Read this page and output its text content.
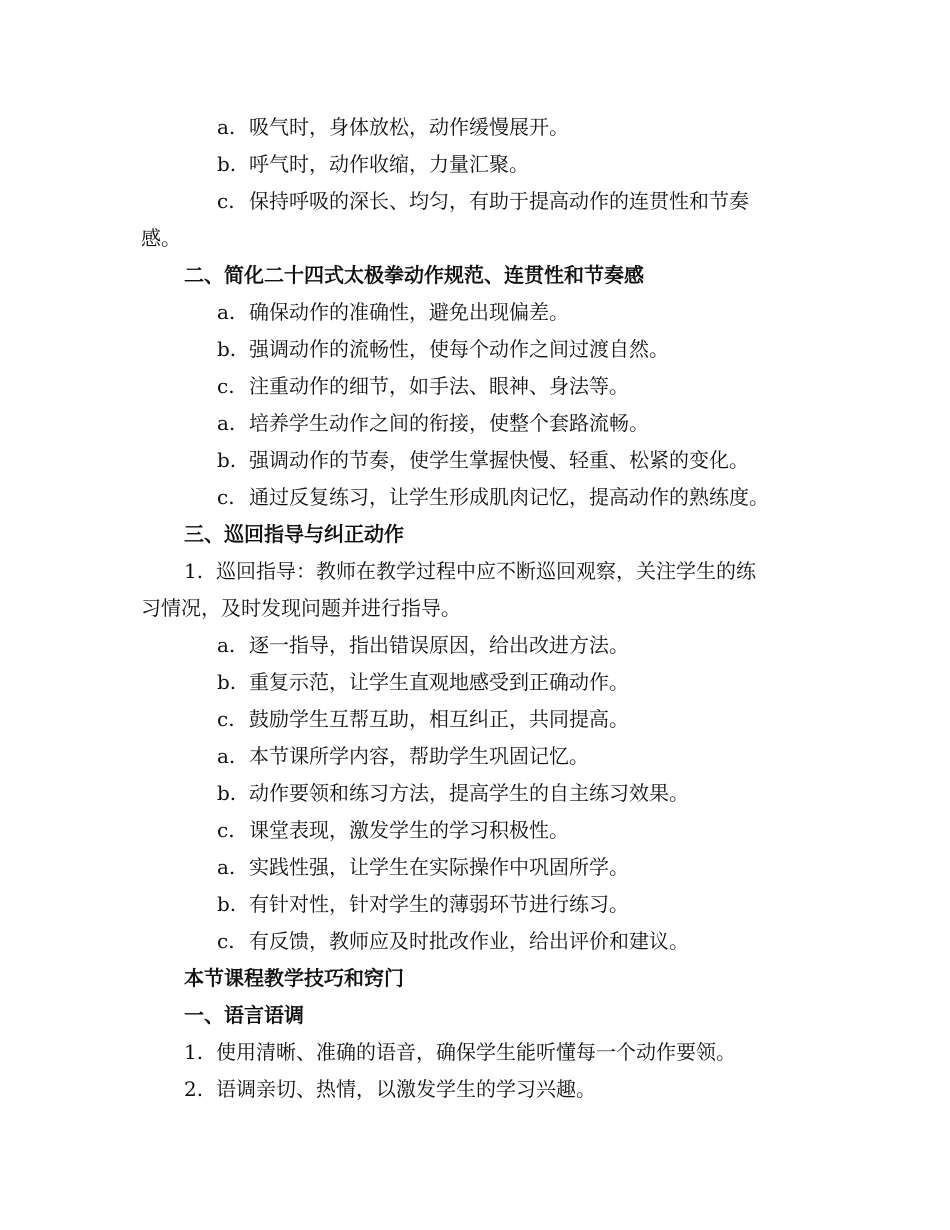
a. 吸气时，身体放松，动作缓慢展开。
b. 呼气时，动作收缩，力量汇聚。
c. 保持呼吸的深长、均匀，有助于提高动作的连贯性和节奏
感。
二、简化二十四式太极拳动作规范、连贯性和节奏感
a. 确保动作的准确性，避免出现偏差。
b. 强调动作的流畅性，使每个动作之间过渡自然。
c. 注重动作的细节，如手法、眼神、身法等。
a. 培养学生动作之间的衔接，使整个套路流畅。
b. 强调动作的节奏，使学生掌握快慢、轻重、松紧的变化。
c. 通过反复练习，让学生形成肌肉记忆，提高动作的熟练度。
三、巡回指导与纠正动作
1. 巡回指导：教师在教学过程中应不断巡回观察，关注学生的练
习情况，及时发现问题并进行指导。
a. 逐一指导，指出错误原因，给出改进方法。
b. 重复示范，让学生直观地感受到正确动作。
c. 鼓励学生互帮互助，相互纠正，共同提高。
a. 本节课所学内容，帮助学生巩固记忆。
b. 动作要领和练习方法，提高学生的自主练习效果。
c. 课堂表现，激发学生的学习积极性。
a. 实践性强，让学生在实际操作中巩固所学。
b. 有针对性，针对学生的薄弱环节进行练习。
c. 有反馈，教师应及时批改作业，给出评价和建议。
本节课程教学技巧和窍门
一、语言语调
1. 使用清晰、准确的语音，确保学生能听懂每一个动作要领。
2. 语调亲切、热情，以激发学生的学习兴趣。
